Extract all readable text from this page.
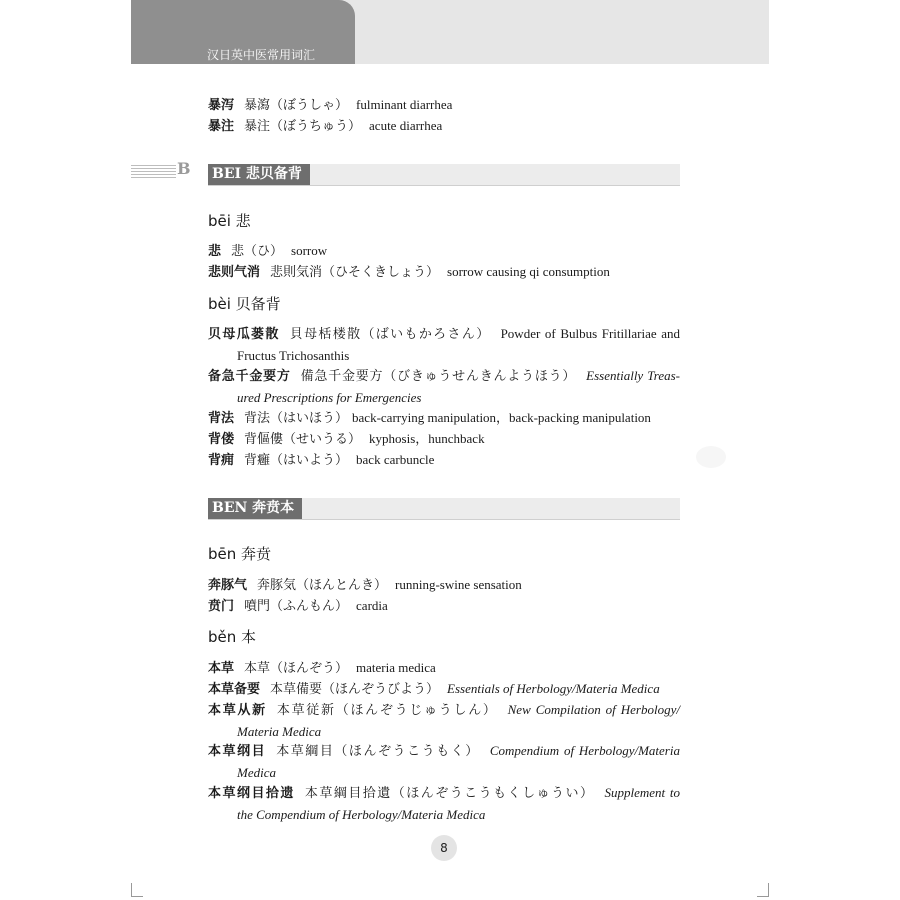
汉日英中医常用词汇
暴泻 暴瀉（ぼうしゃ） fulminant diarrhea
暴注 暴注（ぼうちゅう） acute diarrhea
B BEI 悲贝备背
bēi 悲
悲 悲（ひ） sorrow
悲则气消 悲則気消（ひそくきしょう） sorrow causing qi consumption
bèi 贝备背
贝母瓜蒌散 貝母栝楼散（ばいもかろさん） Powder of Bulbus Fritillariae and
Fructus Trichosanthis
备急千金要方 備急千金要方（びきゅうせんきんようほう） Essentially Treas-
ured Prescriptions for Emergencies
背法 背法（はいほう） back-carrying manipulation，back-packing manipulation
背偻 背傴僂（せいうる） kyphosis，hunchback
背痈 背癰（はいよう） back carbuncle
BEN 奔贲本
bēn 奔贲
奔豚气 奔豚気（ほんとんき） running-swine sensation
贲门 噴門（ふんもん） cardia
běn 本
本草 本草（ほんぞう） materia medica
本草备要 本草備要（ほんぞうびよう） Essentials of Herbology/Materia Medica
本草从新 本草従新（ほんぞうじゅうしん） New Compilation of Herbology/
Materia Medica
本草纲目 本草綱目（ほんぞうこうもく） Compendium of Herbology/Materia
Medica
本草纲目拾遗 本草綱目拾遺（ほんぞうこうもくしゅうい） Supplement to
the Compendium of Herbology/Materia Medica
8
